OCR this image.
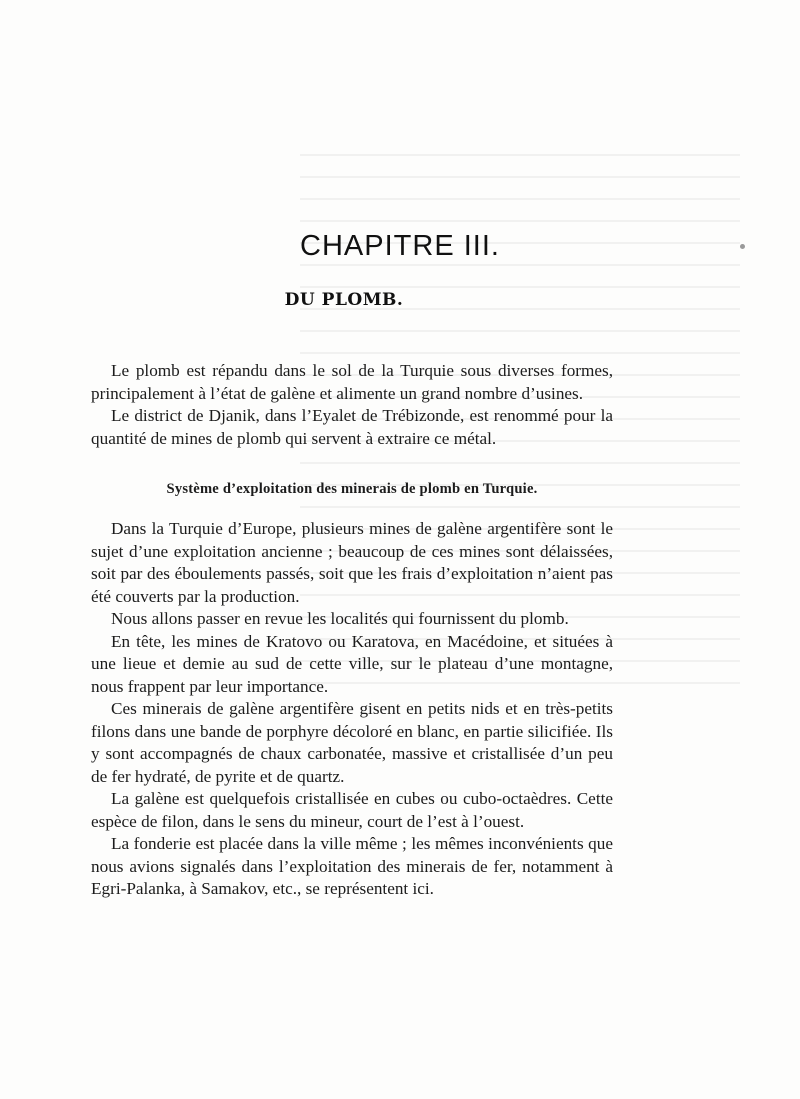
CHAPITRE III.
DU PLOMB.

Le plomb est répandu dans le sol de la Turquie sous diverses formes, principalement à l’état de galène et alimente un grand nombre d’usines.

Le district de Djanik, dans l’Eyalet de Trébizonde, est renommé pour la quantité de mines de plomb qui servent à extraire ce métal.

Système d’exploitation des minerais de plomb en Turquie.

Dans la Turquie d’Europe, plusieurs mines de galène argentifère sont le sujet d’une exploitation ancienne ; beaucoup de ces mines sont délaissées, soit par des éboulements passés, soit que les frais d’exploitation n’aient pas été couverts par la production.

Nous allons passer en revue les localités qui fournissent du plomb.

En tête, les mines de Kratovo ou Karatova, en Macédoine, et situées à une lieue et demie au sud de cette ville, sur le plateau d’une montagne, nous frappent par leur importance.

Ces minerais de galène argentifère gisent en petits nids et en très-petits filons dans une bande de porphyre décoloré en blanc, en partie silicifiée. Ils y sont accompagnés de chaux carbonatée, massive et cristallisée d’un peu de fer hydraté, de pyrite et de quartz.

La galène est quelquefois cristallisée en cubes ou cubo-octaèdres. Cette espèce de filon, dans le sens du mineur, court de l’est à l’ouest.

La fonderie est placée dans la ville même ; les mêmes inconvénients que nous avions signalés dans l’exploitation des minerais de fer, notamment à Egri-Palanka, à Samakov, etc., se représentent ici.
